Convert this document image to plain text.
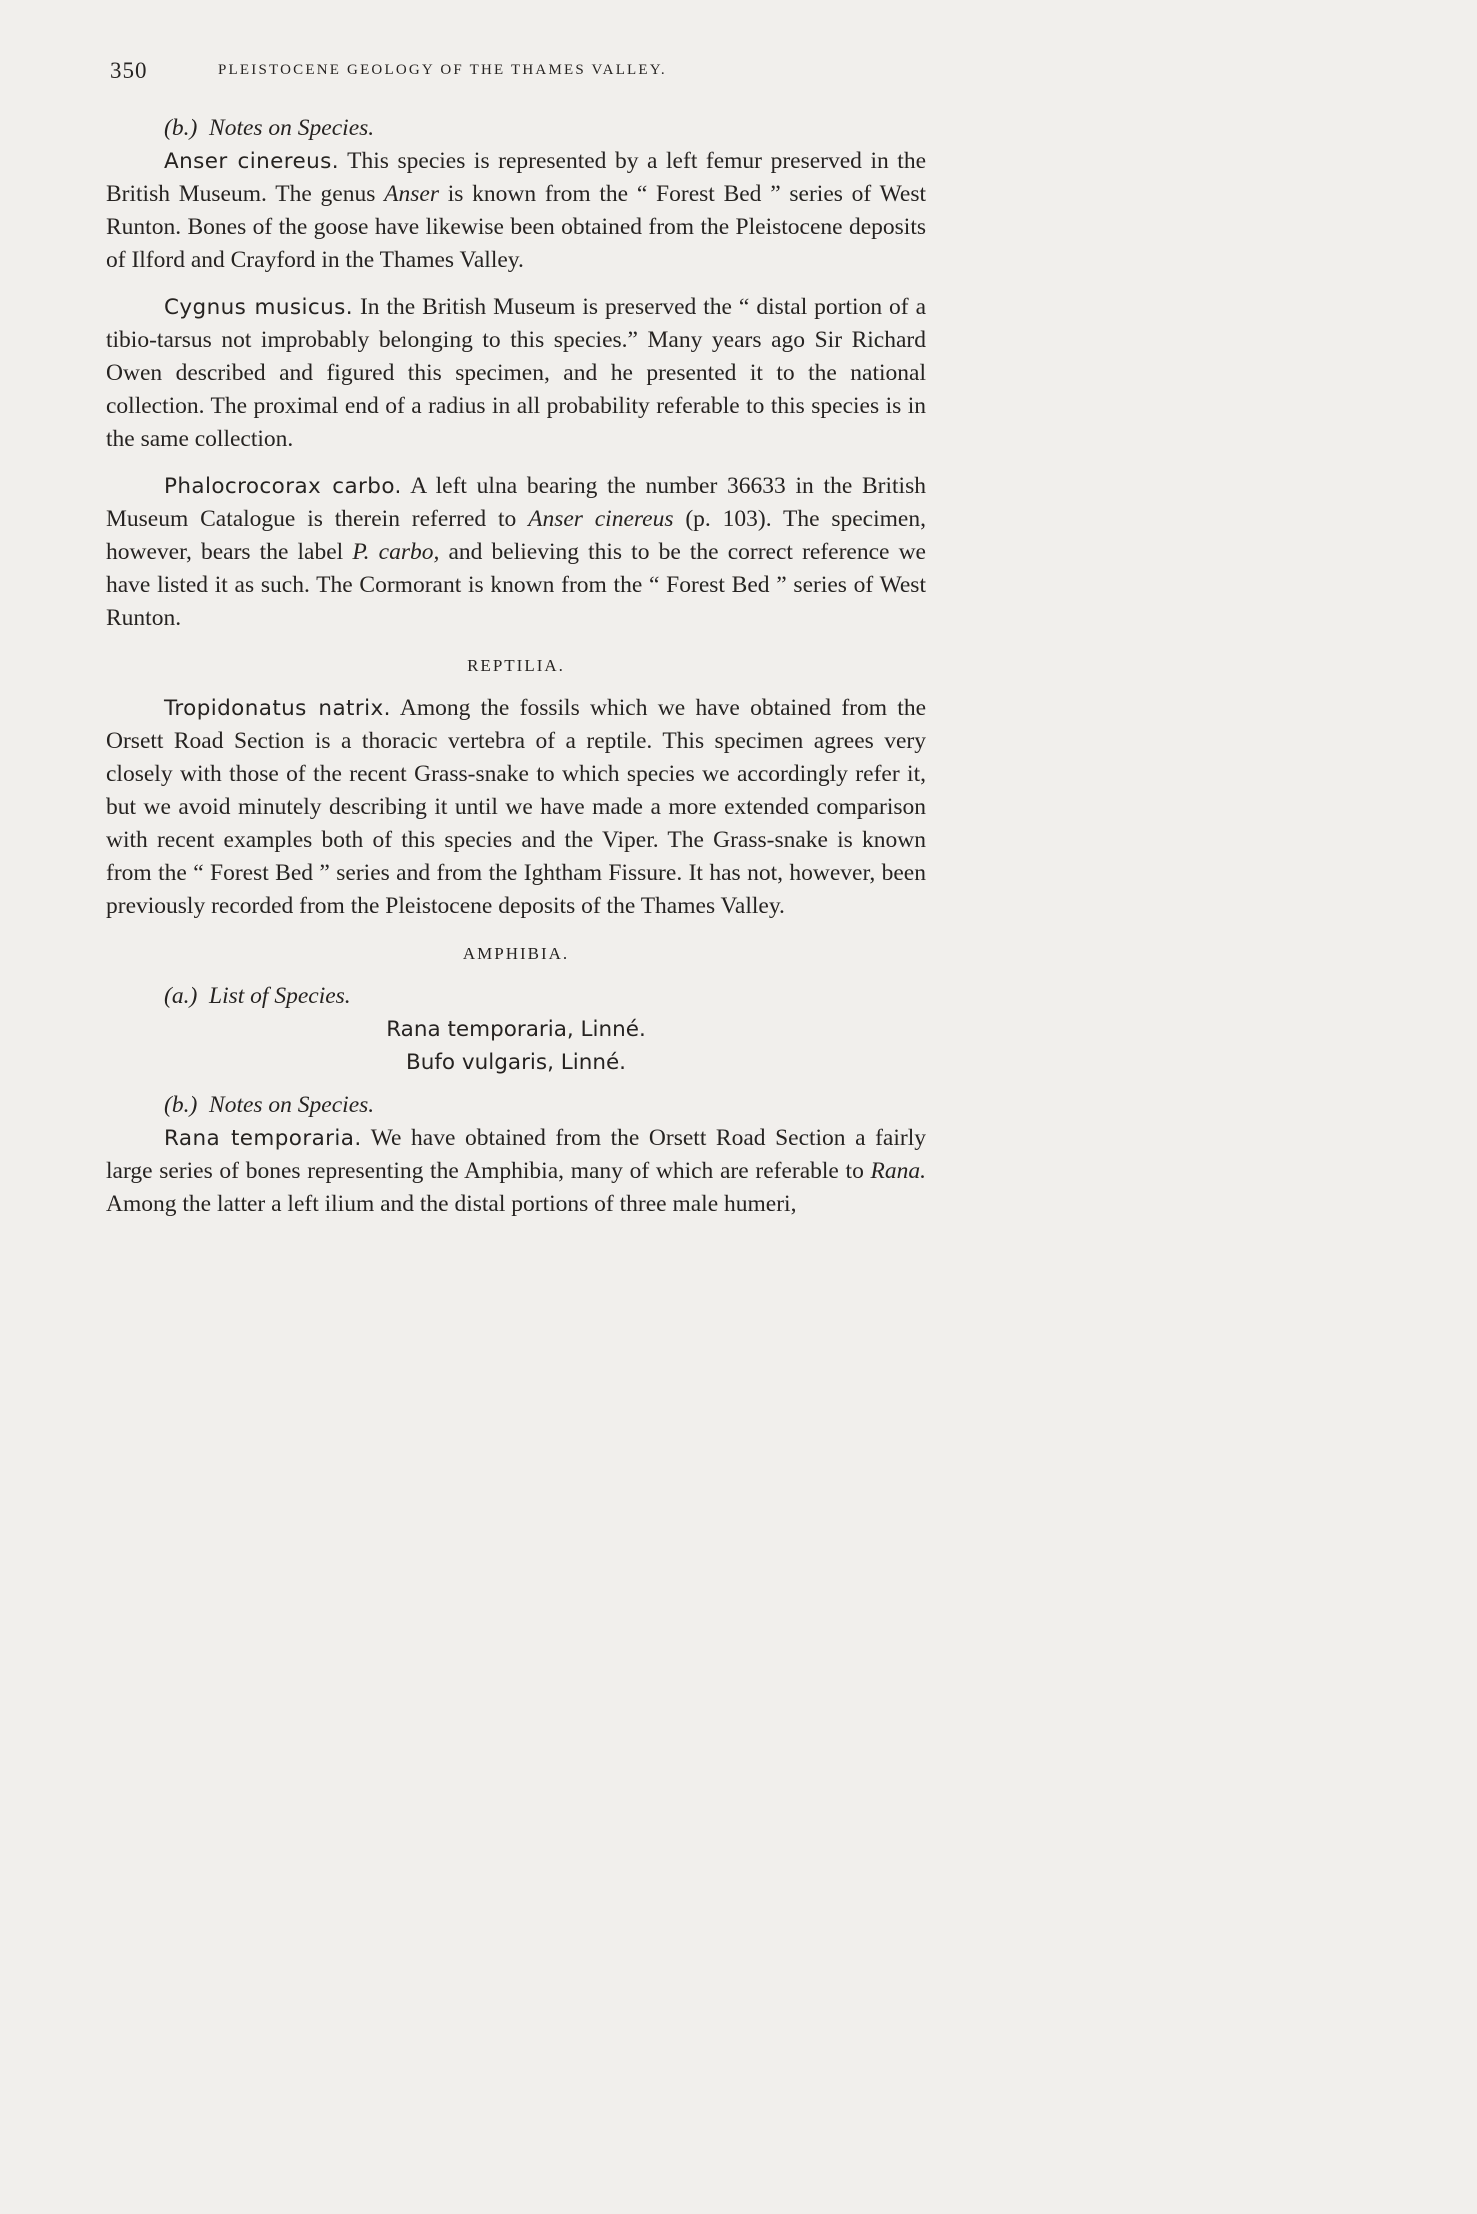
350	PLEISTOCENE GEOLOGY OF THE THAMES VALLEY.
(b.) Notes on Species.

Anser cinereus. This species is represented by a left femur preserved in the British Museum. The genus Anser is known from the “ Forest Bed ” series of West Runton. Bones of the goose have likewise been obtained from the Pleistocene deposits of Ilford and Crayford in the Thames Valley.

Cygnus musicus. In the British Museum is preserved the “ distal portion of a tibio-tarsus not improbably belonging to this species.” Many years ago Sir Richard Owen described and figured this specimen, and he presented it to the national collection. The proximal end of a radius in all probability referable to this species is in the same collection.

Phalocrocorax carbo. A left ulna bearing the number 36633 in the British Museum Catalogue is therein referred to Anser cinereus (p. 103). The specimen, however, bears the label P. carbo, and believing this to be the correct reference we have listed it as such. The Cormorant is known from the “ Forest Bed ” series of West Runton.

REPTILIA.

Tropidonatus natrix. Among the fossils which we have obtained from the Orsett Road Section is a thoracic vertebra of a reptile. This specimen agrees very closely with those of the recent Grass-snake to which species we accordingly refer it, but we avoid minutely describing it until we have made a more extended comparison with recent examples both of this species and the Viper. The Grass-snake is known from the “ Forest Bed ” series and from the Ightham Fissure. It has not, however, been previously recorded from the Pleistocene deposits of the Thames Valley.

AMPHIBIA.
(a.) List of Species.
Rana temporaria, Linné.
Bufo vulgaris, Linné.
(b.) Notes on Species.

Rana temporaria. We have obtained from the Orsett Road Section a fairly large series of bones representing the Amphibia, many of which are referable to Rana. Among the latter a left ilium and the distal portions of three male humeri,
